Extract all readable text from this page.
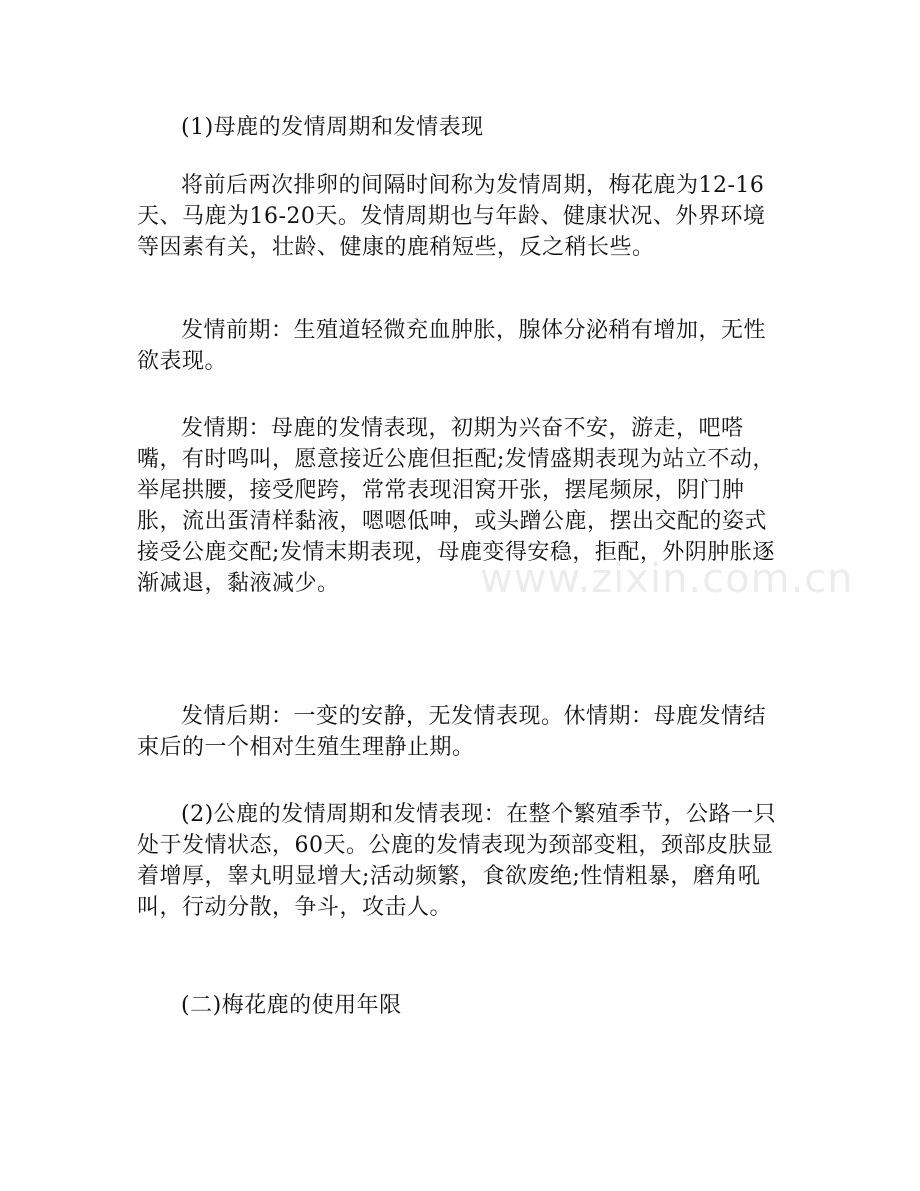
(1)母鹿的发情周期和发情表现

将前后两次排卵的间隔时间称为发情周期，梅花鹿为12-16天、马鹿为16-20天。发情周期也与年龄、健康状况、外界环境等因素有关，壮龄、健康的鹿稍短些，反之稍长些。

发情前期：生殖道轻微充血肿胀，腺体分泌稍有增加，无性欲表现。

发情期：母鹿的发情表现，初期为兴奋不安，游走，吧嗒嘴，有时鸣叫，愿意接近公鹿但拒配;发情盛期表现为站立不动，举尾拱腰，接受爬跨，常常表现泪窝开张，摆尾频尿，阴门肿胀，流出蛋清样黏液，嗯嗯低呻，或头蹭公鹿，摆出交配的姿式接受公鹿交配;发情末期表现，母鹿变得安稳，拒配，外阴肿胀逐渐减退，黏液减少。

发情后期：一变的安静，无发情表现。休情期：母鹿发情结束后的一个相对生殖生理静止期。

(2)公鹿的发情周期和发情表现：在整个繁殖季节，公路一只处于发情状态，60天。公鹿的发情表现为颈部变粗，颈部皮肤显着增厚，睾丸明显增大;活动频繁，食欲废绝;性情粗暴，磨角吼叫，行动分散，争斗，攻击人。

(二)梅花鹿的使用年限

www.zixin.com.cn
